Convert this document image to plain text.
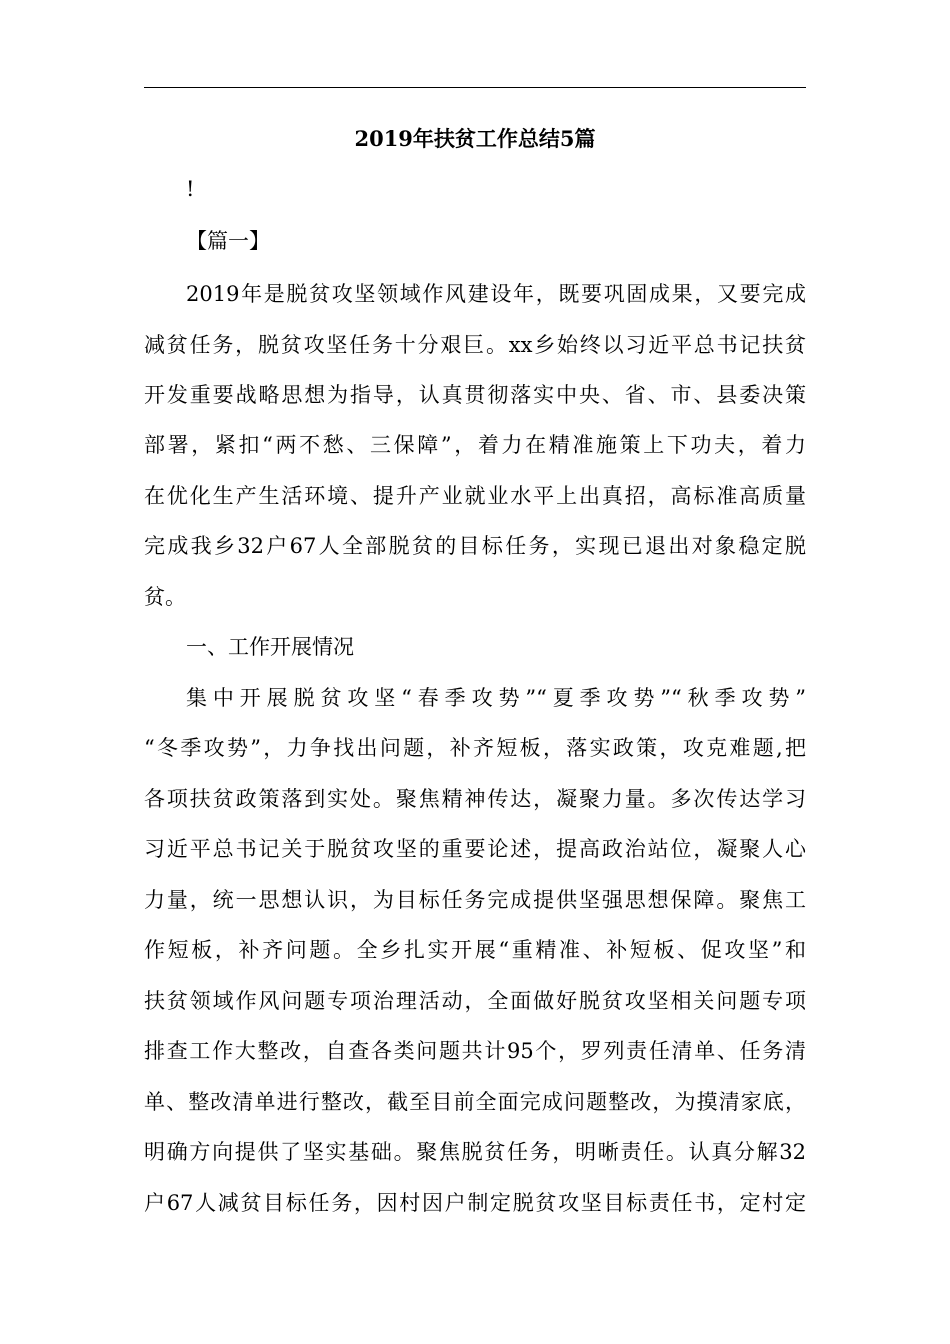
2019年扶贫工作总结5篇
!
【篇一】
2019年是脱贫攻坚领域作风建设年，既要巩固成果，又要完成
减贫任务，脱贫攻坚任务十分艰巨。xx乡始终以习近平总书记扶贫
开发重要战略思想为指导，认真贯彻落实中央、省、市、县委决策
部署，紧扣“两不愁、三保障”，着力在精准施策上下功夫，着力
在优化生产生活环境、提升产业就业水平上出真招，高标准高质量
完成我乡32户67人全部脱贫的目标任务，实现已退出对象稳定脱
贫。
一、工作开展情况
集中开展脱贫攻坚“春季攻势”“夏季攻势”“秋季攻势”
“冬季攻势”，力争找出问题，补齐短板，落实政策，攻克难题,把
各项扶贫政策落到实处。聚焦精神传达，凝聚力量。多次传达学习
习近平总书记关于脱贫攻坚的重要论述，提高政治站位，凝聚人心
力量，统一思想认识，为目标任务完成提供坚强思想保障。聚焦工
作短板，补齐问题。全乡扎实开展“重精准、补短板、促攻坚”和
扶贫领域作风问题专项治理活动，全面做好脱贫攻坚相关问题专项
排查工作大整改，自查各类问题共计95个，罗列责任清单、任务清
单、整改清单进行整改，截至目前全面完成问题整改，为摸清家底，
明确方向提供了坚实基础。聚焦脱贫任务，明晰责任。认真分解32
户67人减贫目标任务，因村因户制定脱贫攻坚目标责任书，定村定
